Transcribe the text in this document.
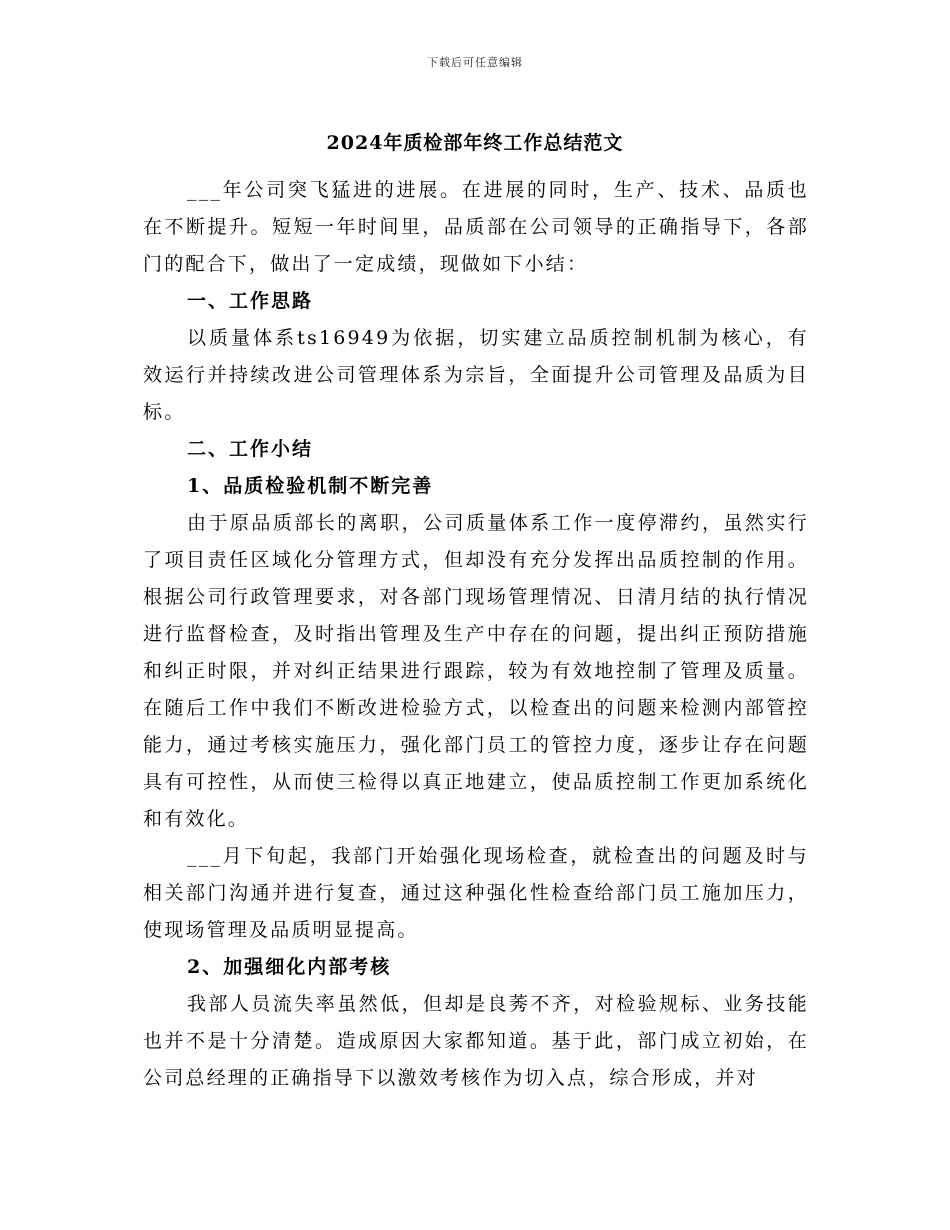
下载后可任意编辑
2024年质检部年终工作总结范文

___年公司突飞猛进的进展。在进展的同时，生产、技术、品质也在不断提升。短短一年时间里，品质部在公司领导的正确指导下，各部门的配合下，做出了一定成绩，现做如下小结：

一、工作思路

以质量体系ts16949为依据，切实建立品质控制机制为核心，有效运行并持续改进公司管理体系为宗旨，全面提升公司管理及品质为目标。

二、工作小结

1、品质检验机制不断完善

由于原品质部长的离职，公司质量体系工作一度停滞约，虽然实行了项目责任区域化分管理方式，但却没有充分发挥出品质控制的作用。根据公司行政管理要求，对各部门现场管理情况、日清月结的执行情况进行监督检查，及时指出管理及生产中存在的问题，提出纠正预防措施和纠正时限，并对纠正结果进行跟踪，较为有效地控制了管理及质量。在随后工作中我们不断改进检验方式，以检查出的问题来检测内部管控能力，通过考核实施压力，强化部门员工的管控力度，逐步让存在问题具有可控性，从而使三检得以真正地建立，使品质控制工作更加系统化和有效化。

___月下旬起，我部门开始强化现场检查，就检查出的问题及时与相关部门沟通并进行复查，通过这种强化性检查给部门员工施加压力，使现场管理及品质明显提高。

2、加强细化内部考核

我部人员流失率虽然低，但却是良莠不齐，对检验规标、业务技能也并不是十分清楚。造成原因大家都知道。基于此，部门成立初始，在公司总经理的正确指导下以激效考核作为切入点，综合形成，并对
